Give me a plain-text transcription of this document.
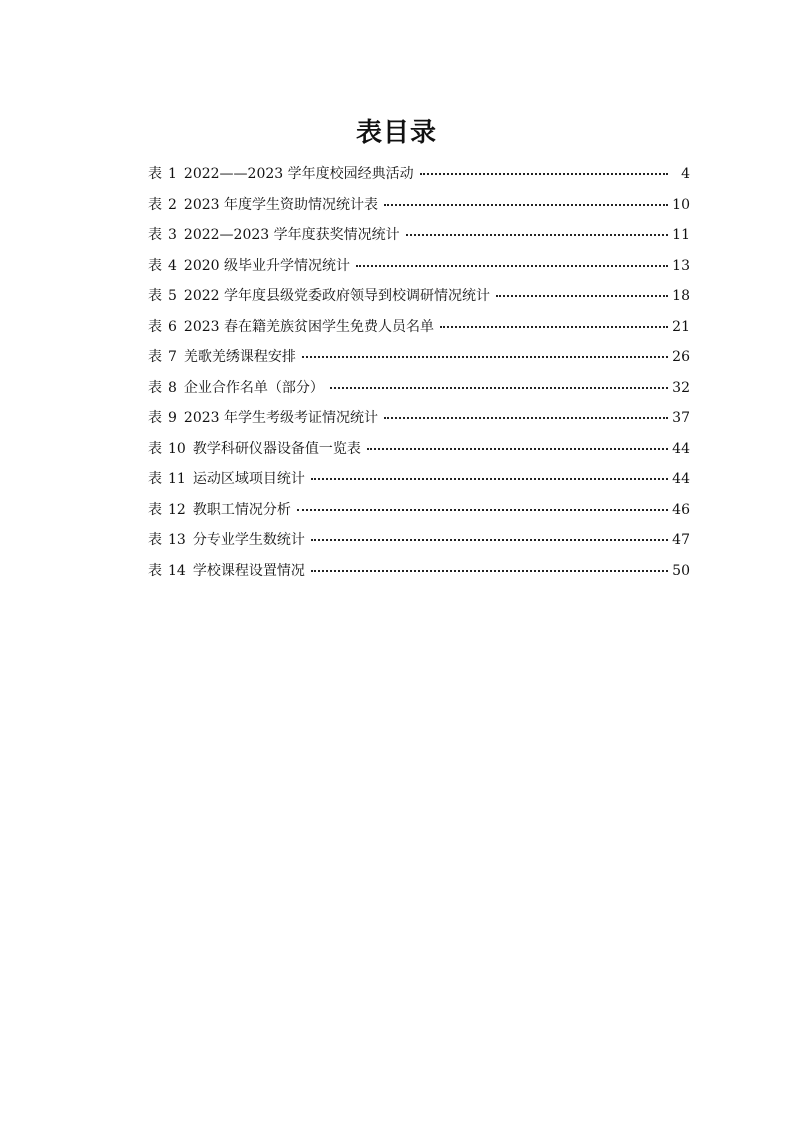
表目录
表 1 2022——2023 学年度校园经典活动	4
表 2 2023 年度学生资助情况统计表	10
表 3 2022—2023 学年度获奖情况统计	11
表 4 2020 级毕业升学情况统计	13
表 5 2022 学年度县级党委政府领导到校调研情况统计	18
表 6 2023 春在籍羌族贫困学生免费人员名单	21
表 7 羌歌羌绣课程安排	26
表 8 企业合作名单（部分）	32
表 9 2023 年学生考级考证情况统计	37
表 10 教学科研仪器设备值一览表	44
表 11 运动区域项目统计	44
表 12 教职工情况分析	46
表 13 分专业学生数统计	47
表 14 学校课程设置情况	50
